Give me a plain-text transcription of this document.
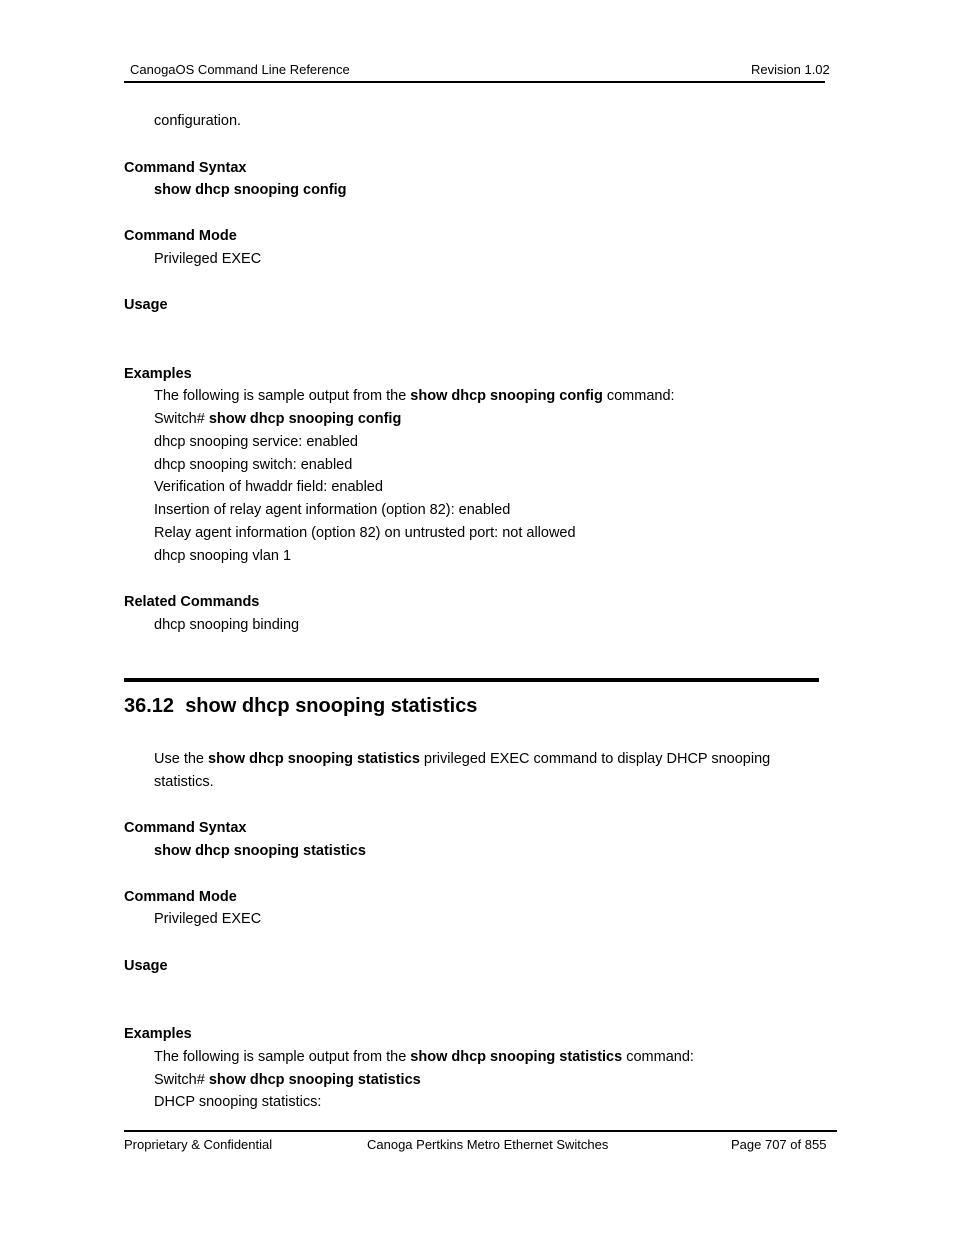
CanogaOS Command Line Reference	Revision 1.02
configuration.
Command Syntax
show dhcp snooping config
Command Mode
Privileged EXEC
Usage
Examples
The following is sample output from the show dhcp snooping config command:
Switch# show dhcp snooping config
dhcp snooping service: enabled
dhcp snooping switch: enabled
Verification of hwaddr field: enabled
Insertion of relay agent information (option 82): enabled
Relay agent information (option 82) on untrusted port: not allowed
dhcp snooping vlan 1
Related Commands
dhcp snooping binding
36.12 show dhcp snooping statistics
Use the show dhcp snooping statistics privileged EXEC command to display DHCP snooping
statistics.
Command Syntax
show dhcp snooping statistics
Command Mode
Privileged EXEC
Usage
Examples
The following is sample output from the show dhcp snooping statistics command:
Switch# show dhcp snooping statistics
DHCP snooping statistics:
Proprietary & Confidential	Canoga Pertkins Metro Ethernet Switches	Page 707 of 855
